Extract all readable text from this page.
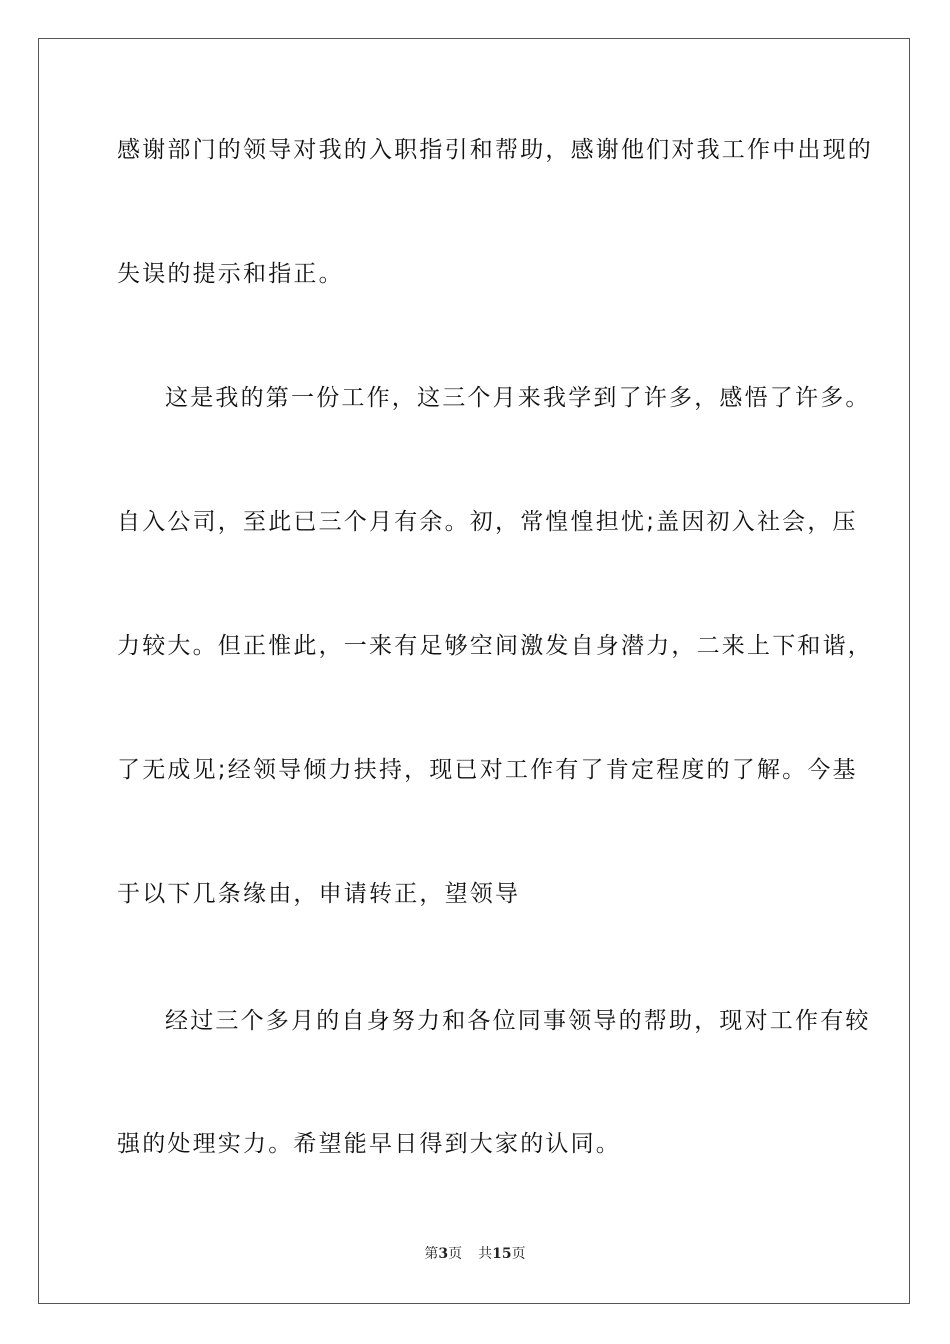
感谢部门的领导对我的入职指引和帮助，感谢他们对我工作中出现的
失误的提示和指正。
这是我的第一份工作，这三个月来我学到了许多，感悟了许多。
自入公司，至此已三个月有余。初，常惶惶担忧;盖因初入社会，压
力较大。但正惟此，一来有足够空间激发自身潜力，二来上下和谐，
了无成见;经领导倾力扶持，现已对工作有了肯定程度的了解。今基
于以下几条缘由，申请转正，望领导
经过三个多月的自身努力和各位同事领导的帮助，现对工作有较
强的处理实力。希望能早日得到大家的认同。
第3页 共15页
